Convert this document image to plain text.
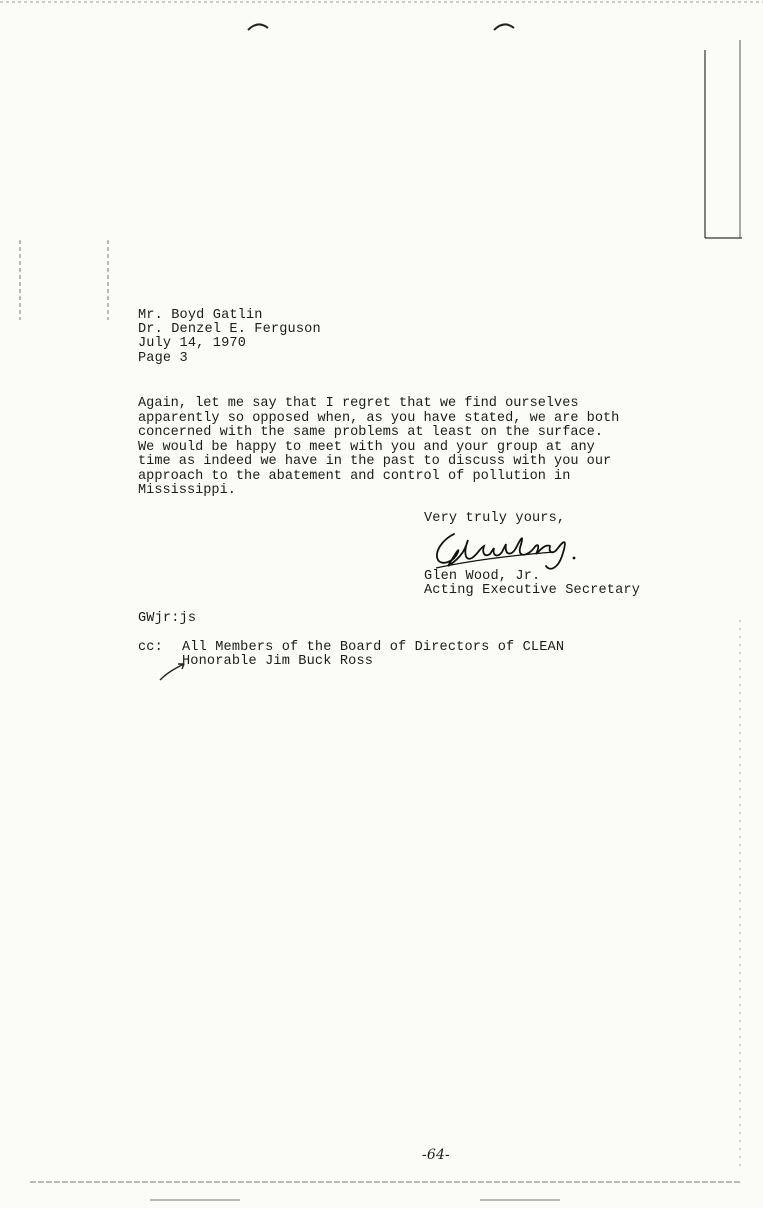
Mr. Boyd Gatlin
Dr. Denzel E. Ferguson
July 14, 1970
Page 3
Again, let me say that I regret that we find ourselves
apparently so opposed when, as you have stated, we are both
concerned with the same problems at least on the surface.
We would be happy to meet with you and your group at any
time as indeed we have in the past to discuss with you our
approach to the abatement and control of pollution in
Mississippi.
Very truly yours,
Glen Wood, Jr.
Acting Executive Secretary
GWjr:js
cc: All Members of the Board of Directors of CLEAN
Honorable Jim Buck Ross
-64-
